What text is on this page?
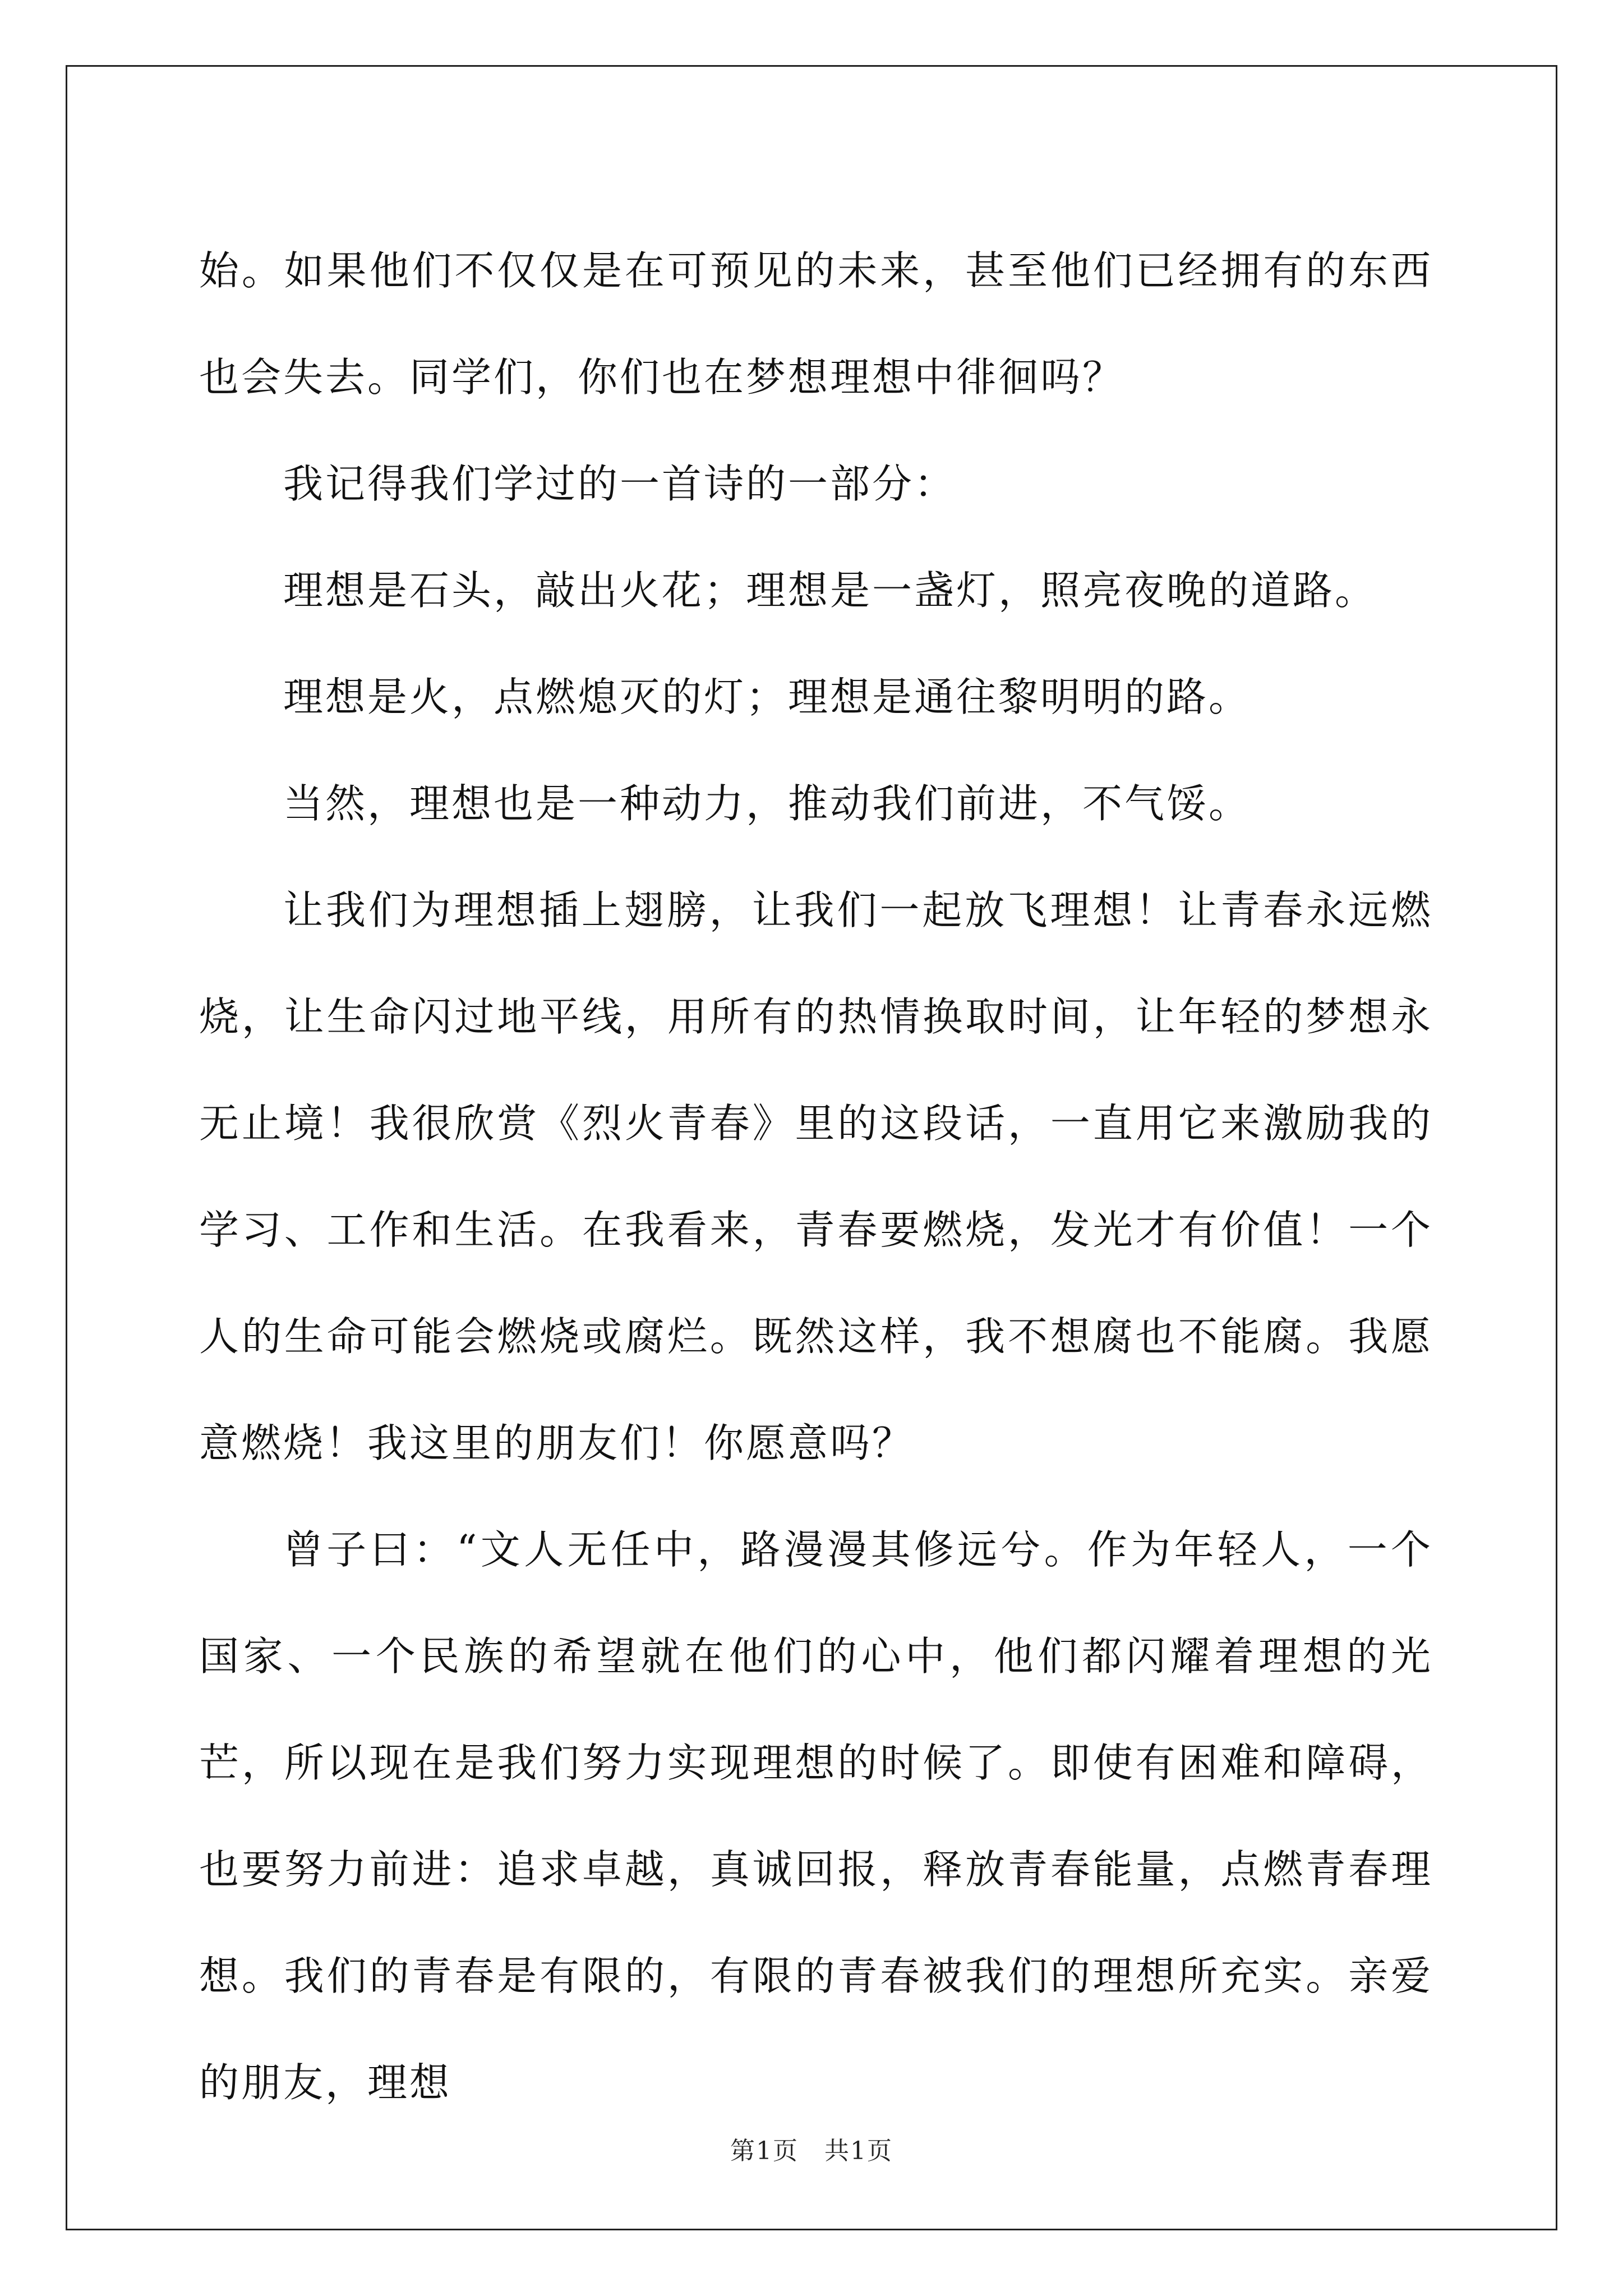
始。如果他们不仅仅是在可预见的未来，甚至他们已经拥有的东西也会失去。同学们，你们也在梦想理想中徘徊吗？

我记得我们学过的一首诗的一部分：

理想是石头，敲出火花；理想是一盏灯，照亮夜晚的道路。

理想是火，点燃熄灭的灯；理想是通往黎明明的路。

当然，理想也是一种动力，推动我们前进，不气馁。

让我们为理想插上翅膀，让我们一起放飞理想！让青春永远燃烧，让生命闪过地平线，用所有的热情换取时间，让年轻的梦想永无止境！我很欣赏《烈火青春》里的这段话，一直用它来激励我的学习、工作和生活。在我看来，青春要燃烧，发光才有价值！一个人的生命可能会燃烧或腐烂。既然这样，我不想腐也不能腐。我愿意燃烧！我这里的朋友们！你愿意吗？

曾子曰：“文人无任中，路漫漫其修远兮。作为年轻人，一个国家、一个民族的希望就在他们的心中，他们都闪耀着理想的光芒，所以现在是我们努力实现理想的时候了。即使有困难和障碍，也要努力前进：追求卓越，真诚回报，释放青春能量，点燃青春理想。我们的青春是有限的，有限的青春被我们的理想所充实。亲爱的朋友，理想

第1页　共1页
